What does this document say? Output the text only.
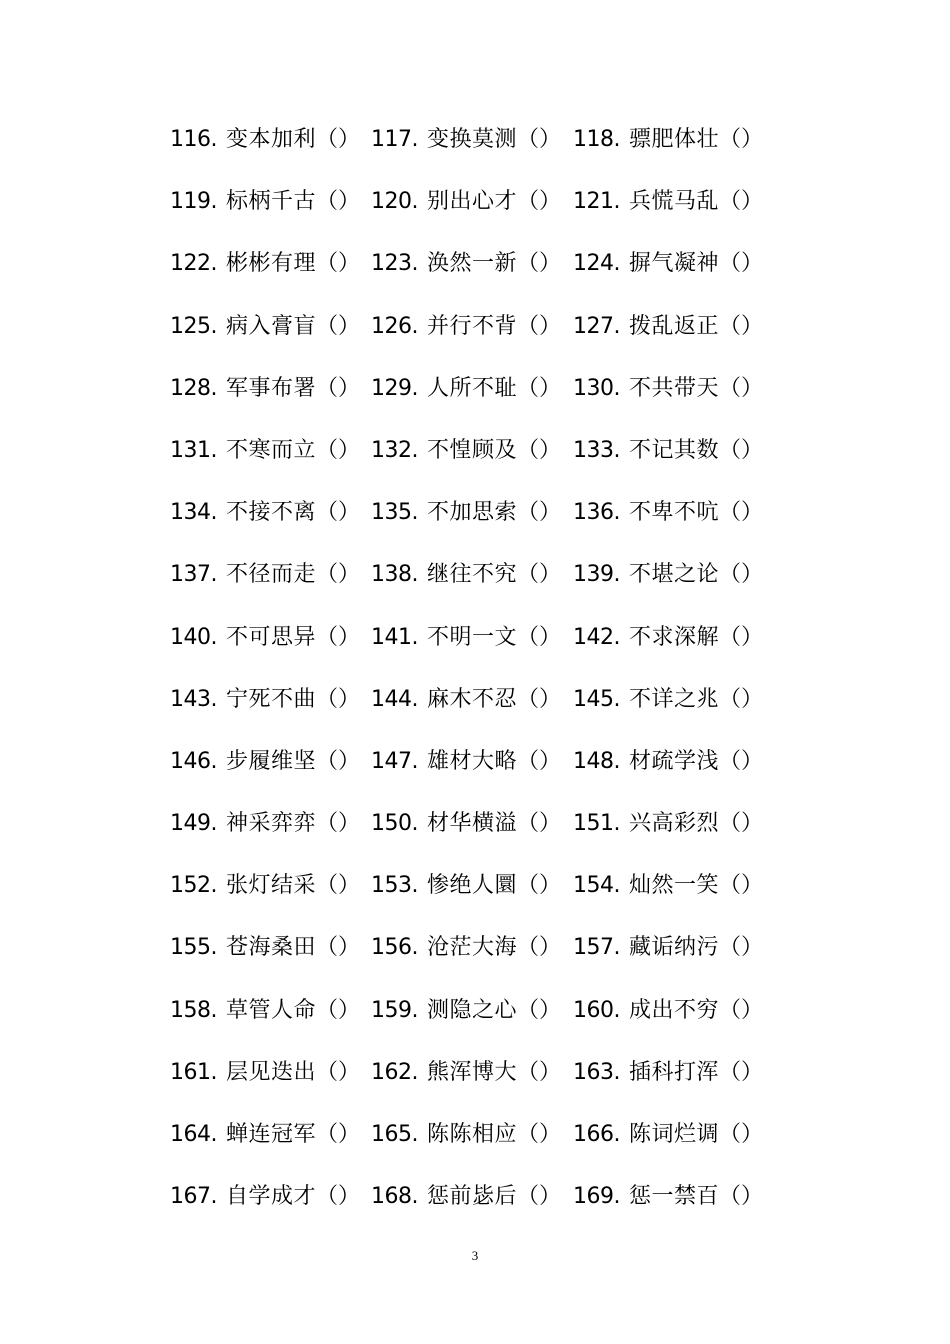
116. 变本加利（） 117. 变换莫测（） 118. 骠肥体壮（）
119. 标柄千古（） 120. 别出心才（） 121. 兵慌马乱（）
122. 彬彬有理（） 123. 涣然一新（） 124. 摒气凝神（）
125. 病入膏盲（） 126. 并行不背（） 127. 拨乱返正（）
128. 军事布署（） 129. 人所不耻（） 130. 不共带天（）
131. 不寒而立（） 132. 不惶顾及（） 133. 不记其数（）
134. 不接不离（） 135. 不加思索（） 136. 不卑不吭（）
137. 不径而走（） 138. 继往不究（） 139. 不堪之论（）
140. 不可思异（） 141. 不明一文（） 142. 不求深解（）
143. 宁死不曲（） 144. 麻木不忍（） 145. 不详之兆（）
146. 步履维坚（） 147. 雄材大略（） 148. 材疏学浅（）
149. 神采弈弈（） 150. 材华横溢（） 151. 兴高彩烈（）
152. 张灯结采（） 153. 惨绝人圜（） 154. 灿然一笑（）
155. 苍海桑田（） 156. 沧茫大海（） 157. 藏诟纳污（）
158. 草管人命（） 159. 测隐之心（） 160. 成出不穷（）
161. 层见迭出（） 162. 熊浑博大（） 163. 插科打浑（）
164. 蝉连冠军（） 165. 陈陈相应（） 166. 陈词烂调（）
167. 自学成才（） 168. 惩前毖后（） 169. 惩一禁百（）
3
